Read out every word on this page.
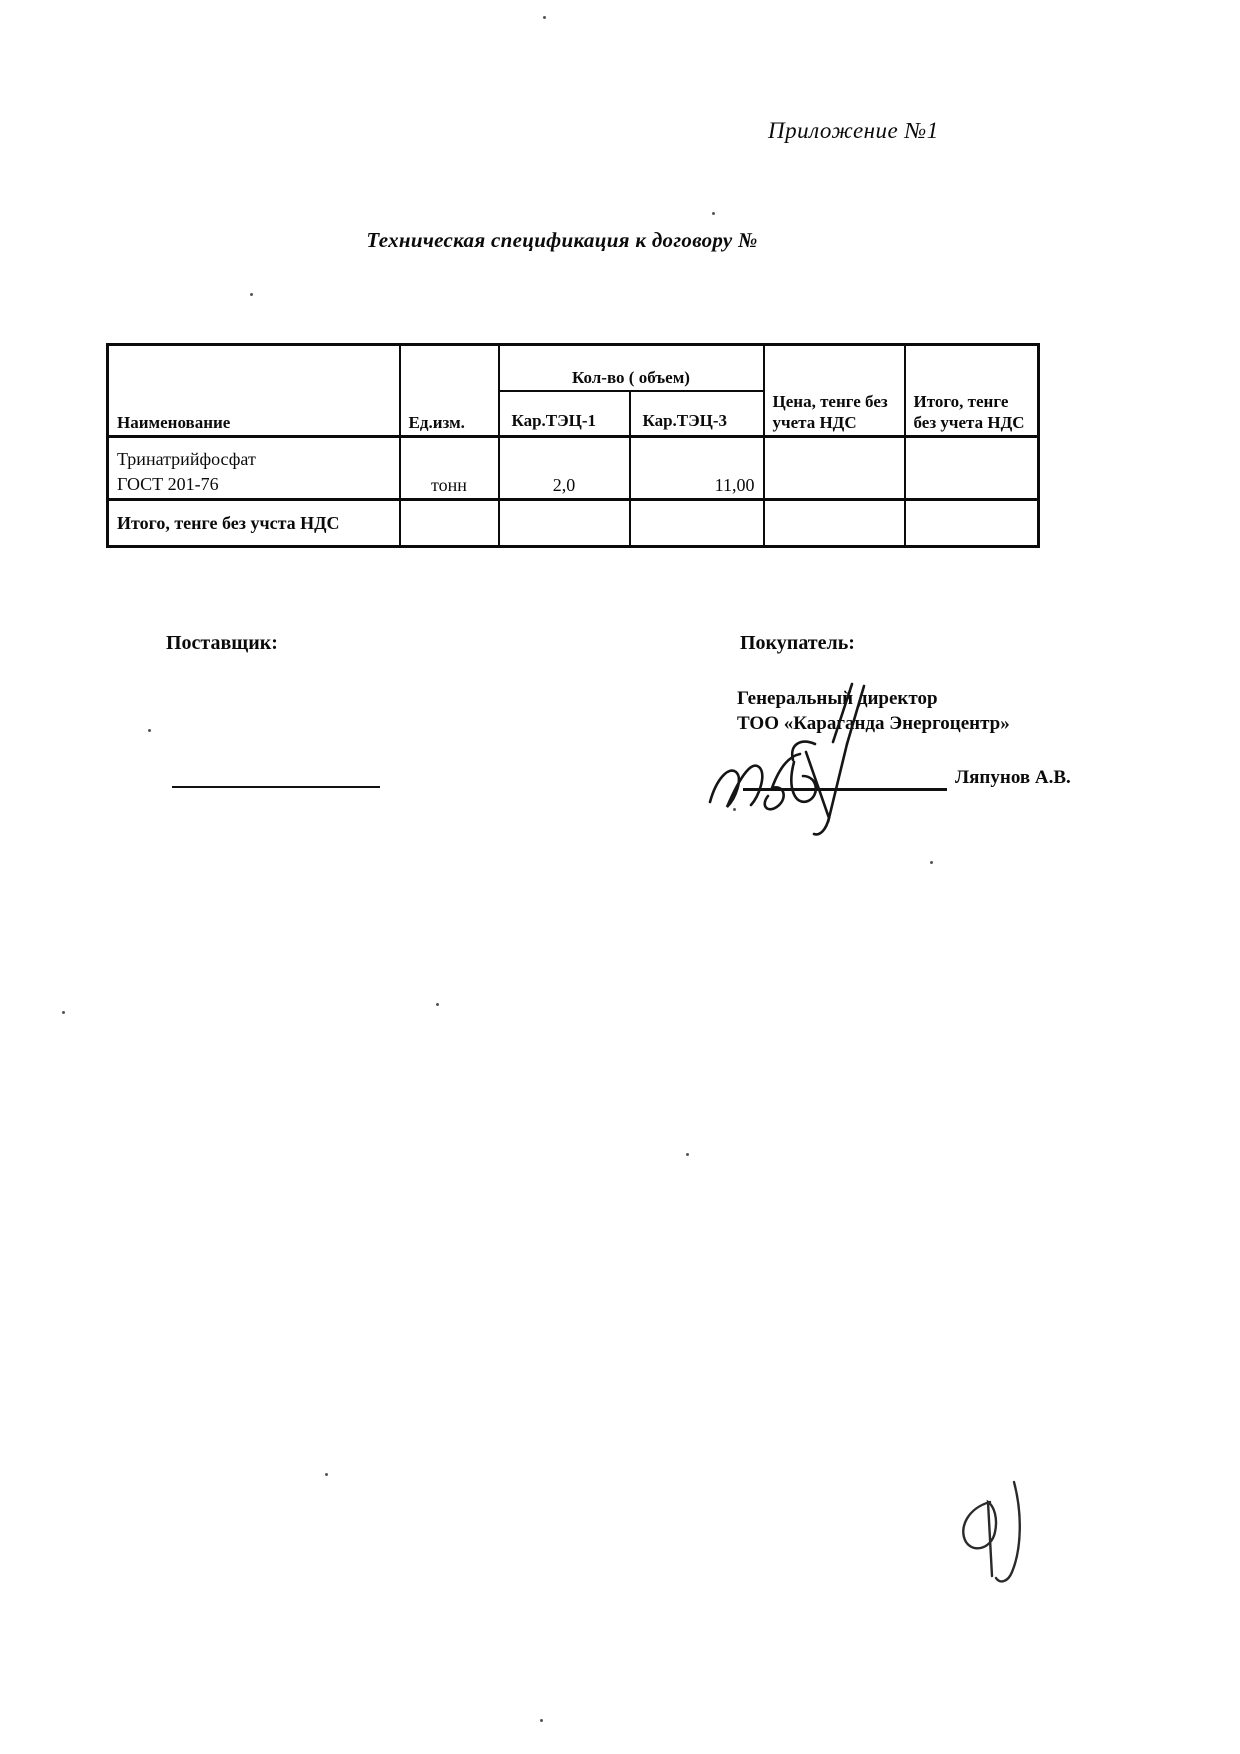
Приложение №1
Техническая спецификация к договору №
Наименование	Ед.изм.	Кол-во ( объем)		Цена, тенге без учета НДС	Итого, тенге без учета НДС
		Кар.ТЭЦ-1	Кар.ТЭЦ-3		
Тринатрийфосфат
ГОСТ 201-76	тонн	2,0	11,00		
Итого, тенге без учста НДС					
Поставщик:	Покупатель:
Генеральный директор
ТОО «Караганда Энергоцентр»
Ляпунов А.В.
